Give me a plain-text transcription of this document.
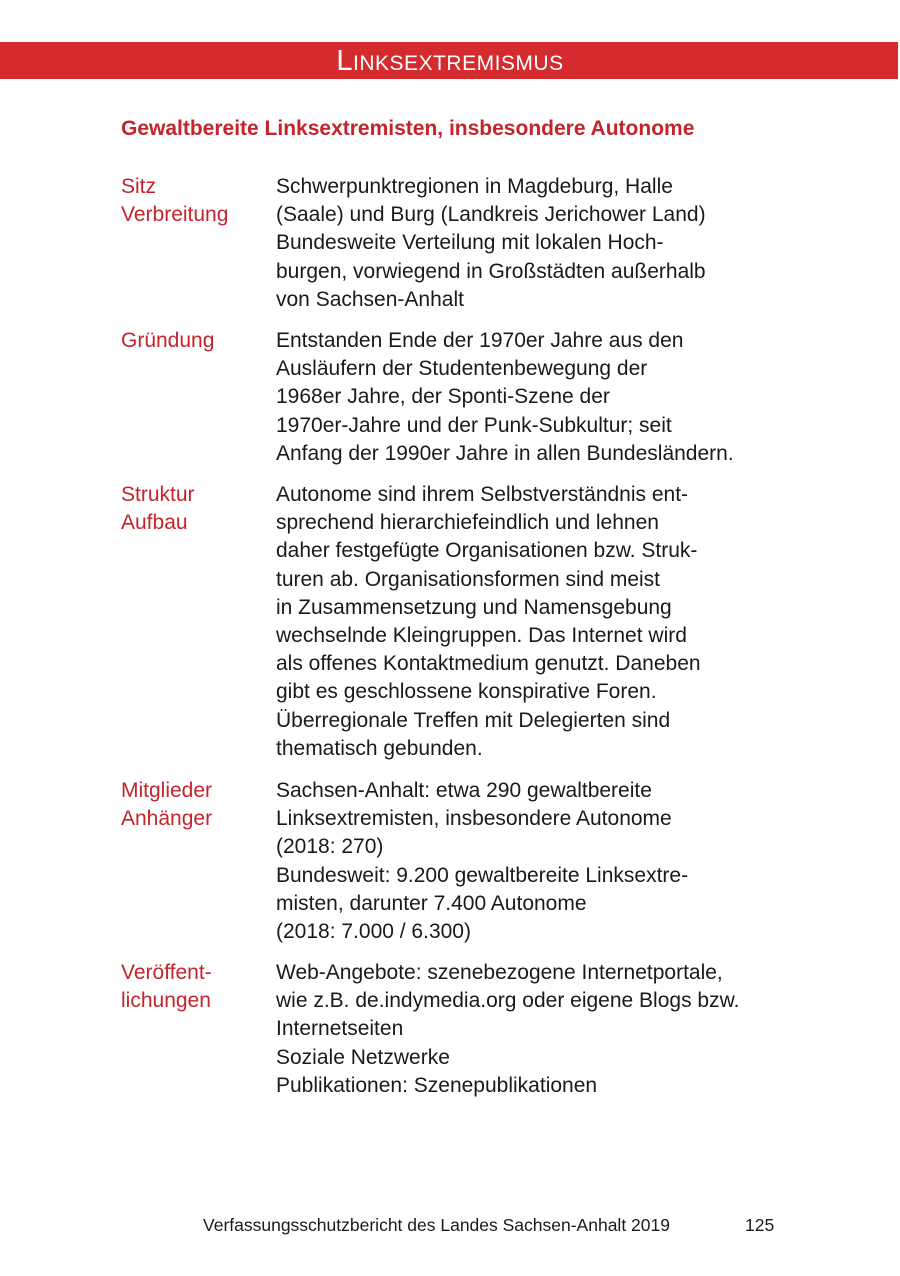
LINKSEXTREMISMUS
Gewaltbereite Linksextremisten, insbesondere Autonome
Sitz
Verbreitung
Schwerpunktregionen in Magdeburg, Halle
(Saale) und Burg (Landkreis Jerichower Land)
Bundesweite Verteilung mit lokalen Hoch-
burgen, vorwiegend in Großstädten außerhalb
von Sachsen-Anhalt
Gründung	Entstanden Ende der 1970er Jahre aus den
Ausläufern der Studentenbewegung der
1968er Jahre, der Sponti-Szene der
1970er-Jahre und der Punk-Subkultur; seit
Anfang der 1990er Jahre in allen Bundesländern.
Struktur
Aufbau
Autonome sind ihrem Selbstverständnis ent-
sprechend hierarchiefeindlich und lehnen
daher festgefügte Organisationen bzw. Struk-
turen ab. Organisationsformen sind meist
in Zusammensetzung und Namensgebung
wechselnde Kleingruppen. Das Internet wird
als offenes Kontaktmedium genutzt. Daneben
gibt es geschlossene konspirative Foren.
Überregionale Treffen mit Delegierten sind
thematisch gebunden.
Mitglieder
Anhänger
Sachsen-Anhalt: etwa 290 gewaltbereite
Linksextremisten, insbesondere Autonome
(2018: 270)
Bundesweit: 9.200 gewaltbereite Linksextre-
misten, darunter 7.400 Autonome
(2018: 7.000 / 6.300)
Veröffent-
lichungen
Web-Angebote: szenebezogene Internetportale,
wie z.B. de.indymedia.org oder eigene Blogs bzw.
Internetseiten
Soziale Netzwerke
Publikationen: Szenepublikationen
Verfassungsschutzbericht des Landes Sachsen-Anhalt 2019	125
